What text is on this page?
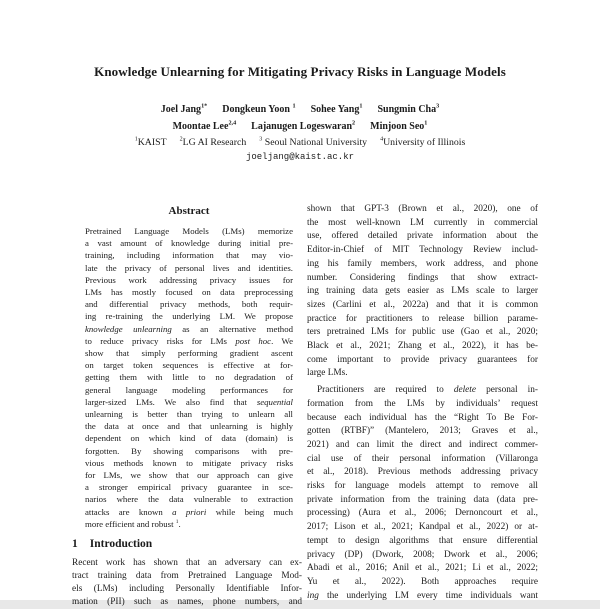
Knowledge Unlearning for Mitigating Privacy Risks in Language Models
Joel Jang$^{1*}$ Dongkeun Yoon $^1$ Sohee Yang$^1$ Sungmin Cha$^3$
Moontae Lee$^{2,4}$ Lajanugen Logeswaran$^2$ Minjoon Seo$^1$
$^1$KAIST $^2$LG AI Research $^3$ Seoul National University $^4$University of Illinois
joeljang@kaist.ac.kr
Abstract
Pretrained Language Models (LMs) memorize
a vast amount of knowledge during initial pre-
training, including information that may vio-
late the privacy of personal lives and identities.
Previous work addressing privacy issues for
LMs has mostly focused on data preprocessing
and differential privacy methods, both requir-
ing re-training the underlying LM. We propose
knowledge unlearning as an alternative method
to reduce privacy risks for LMs post hoc. We
show that simply performing gradient ascent
on target token sequences is effective at for-
getting them with little to no degradation of
general language modeling performances for
larger-sized LMs. We also find that sequential
unlearning is better than trying to unlearn all
the data at once and that unlearning is highly
dependent on which kind of data (domain) is
forgotten. By showing comparisons with pre-
vious methods known to mitigate privacy risks
for LMs, we show that our approach can give
a stronger empirical privacy guarantee in sce-
narios where the data vulnerable to extraction
attacks are known a priori while being much
more efficient and robust $^1$.
1 Introduction
Recent work has shown that an adversary can ex-
tract training data from Pretrained Language Mod-
els (LMs) including Personally Identifiable Infor-
mation (PII) such as names, phone numbers, and
shown that GPT-3 (Brown et al., 2020), one of
the most well-known LM currently in commercial
use, offered detailed private information about the
Editor-in-Chief of MIT Technology Review includ-
ing his family members, work address, and phone
number. Considering findings that show extract-
ing training data gets easier as LMs scale to larger
sizes (Carlini et al., 2022a) and that it is common
practice for practitioners to release billion parame-
ters pretrained LMs for public use (Gao et al., 2020;
Black et al., 2021; Zhang et al., 2022), it has be-
come important to provide privacy guarantees for
large LMs.
Practitioners are required to delete personal in-
formation from the LMs by individuals’ request
because each individual has the “Right To Be For-
gotten (RTBF)” (Mantelero, 2013; Graves et al.,
2021) and can limit the direct and indirect commer-
cial use of their personal information (Villaronga
et al., 2018). Previous methods addressing privacy
risks for language models attempt to remove all
private information from the training data (data pre-
processing) (Aura et al., 2006; Dernoncourt et al.,
2017; Lison et al., 2021; Kandpal et al., 2022) or at-
tempt to design algorithms that ensure differential
privacy (DP) (Dwork, 2008; Dwork et al., 2006;
Abadi et al., 2016; Anil et al., 2021; Li et al., 2022;
Yu et al., 2022). Both approaches require
ing the underlying LM every time individuals want
